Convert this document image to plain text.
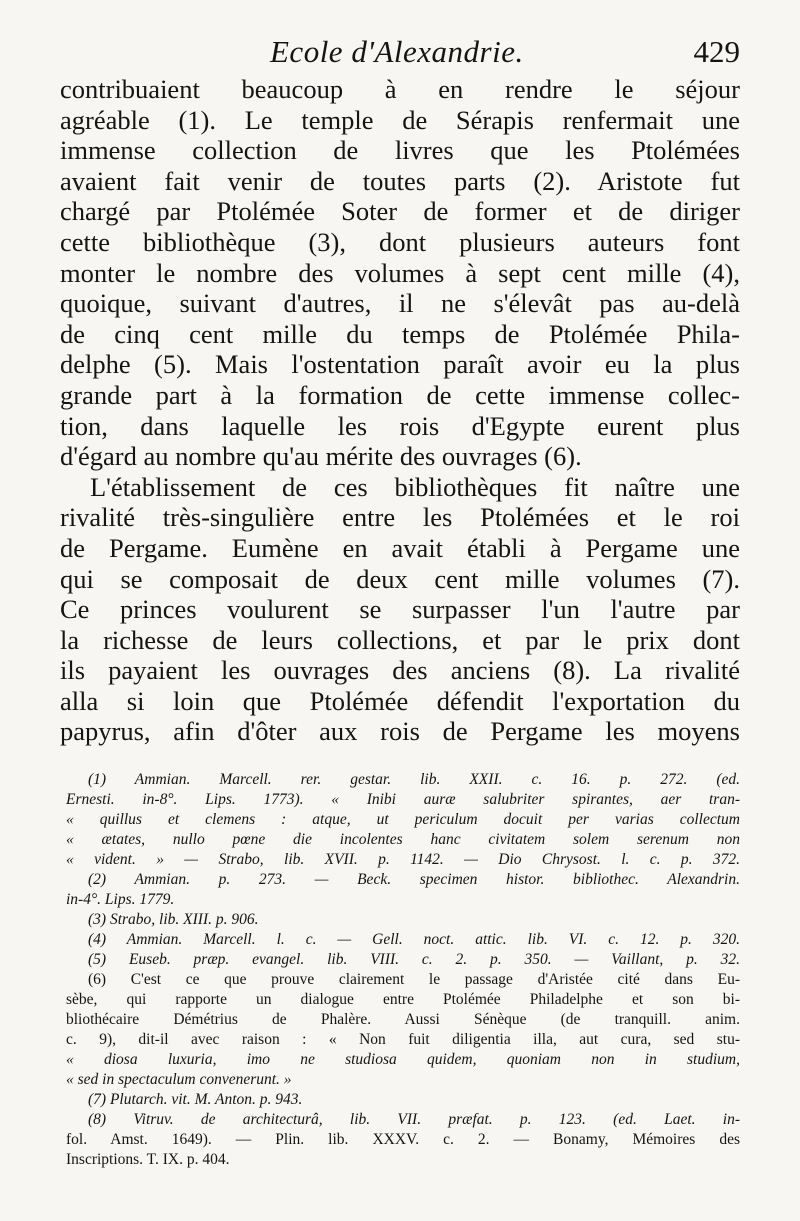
Ecole d'Alexandrie.	429
contribuaient beaucoup à en rendre le séjour
agréable (1). Le temple de Sérapis renfermait une
immense collection de livres que les Ptolémées
avaient fait venir de toutes parts (2). Aristote fut
chargé par Ptolémée Soter de former et de diriger
cette bibliothèque (3), dont plusieurs auteurs font
monter le nombre des volumes à sept cent mille (4),
quoique, suivant d'autres, il ne s'élevât pas au-delà
de cinq cent mille du temps de Ptolémée Phila-
delphe (5). Mais l'ostentation paraît avoir eu la plus
grande part à la formation de cette immense collec-
tion, dans laquelle les rois d'Egypte eurent plus
d'égard au nombre qu'au mérite des ouvrages (6).
L'établissement de ces bibliothèques fit naître une
rivalité très-singulière entre les Ptolémées et le roi
de Pergame. Eumène en avait établi à Pergame une
qui se composait de deux cent mille volumes (7).
Ce princes voulurent se surpasser l'un l'autre par
la richesse de leurs collections, et par le prix dont
ils payaient les ouvrages des anciens (8). La rivalité
alla si loin que Ptolémée défendit l'exportation du
papyrus, afin d'ôter aux rois de Pergame les moyens
(1) Ammian. Marcell. rer. gestar. lib. XXII. c. 16. p. 272. (ed.
Ernesti. in-8°. Lips. 1773). « Inibi auræ salubriter spirantes, aer tran-
« quillus et clemens : atque, ut periculum docuit per varias collectum
« ætates, nullo pœne die incolentes hanc civitatem solem serenum non
« vident. » — Strabo, lib. XVII. p. 1142. — Dio Chrysost. l. c. p. 372.
(2) Ammian. p. 273. — Beck. specimen histor. bibliothec. Alexandrin.
in-4°. Lips. 1779.
(3) Strabo, lib. XIII. p. 906.
(4) Ammian. Marcell. l. c. — Gell. noct. attic. lib. VI. c. 12. p. 320.
(5) Euseb. præp. evangel. lib. VIII. c. 2. p. 350. — Vaillant, p. 32.
(6) C'est ce que prouve clairement le passage d'Aristée cité dans Eu-
sèbe, qui rapporte un dialogue entre Ptolémée Philadelphe et son bi-
bliothécaire Démétrius de Phalère. Aussi Sénèque (de tranquill. anim.
c. 9), dit-il avec raison : « Non fuit diligentia illa, aut cura, sed stu-
« diosa luxuria, imo ne studiosa quidem, quoniam non in studium,
« sed in spectaculum convenerunt. »
(7) Plutarch. vit. M. Anton. p. 943.
(8) Vitruv. de architecturâ, lib. VII. præfat. p. 123. (ed. Laet. in-
fol. Amst. 1649). — Plin. lib. XXXV. c. 2. — Bonamy, Mémoires des
Inscriptions. T. IX. p. 404.
